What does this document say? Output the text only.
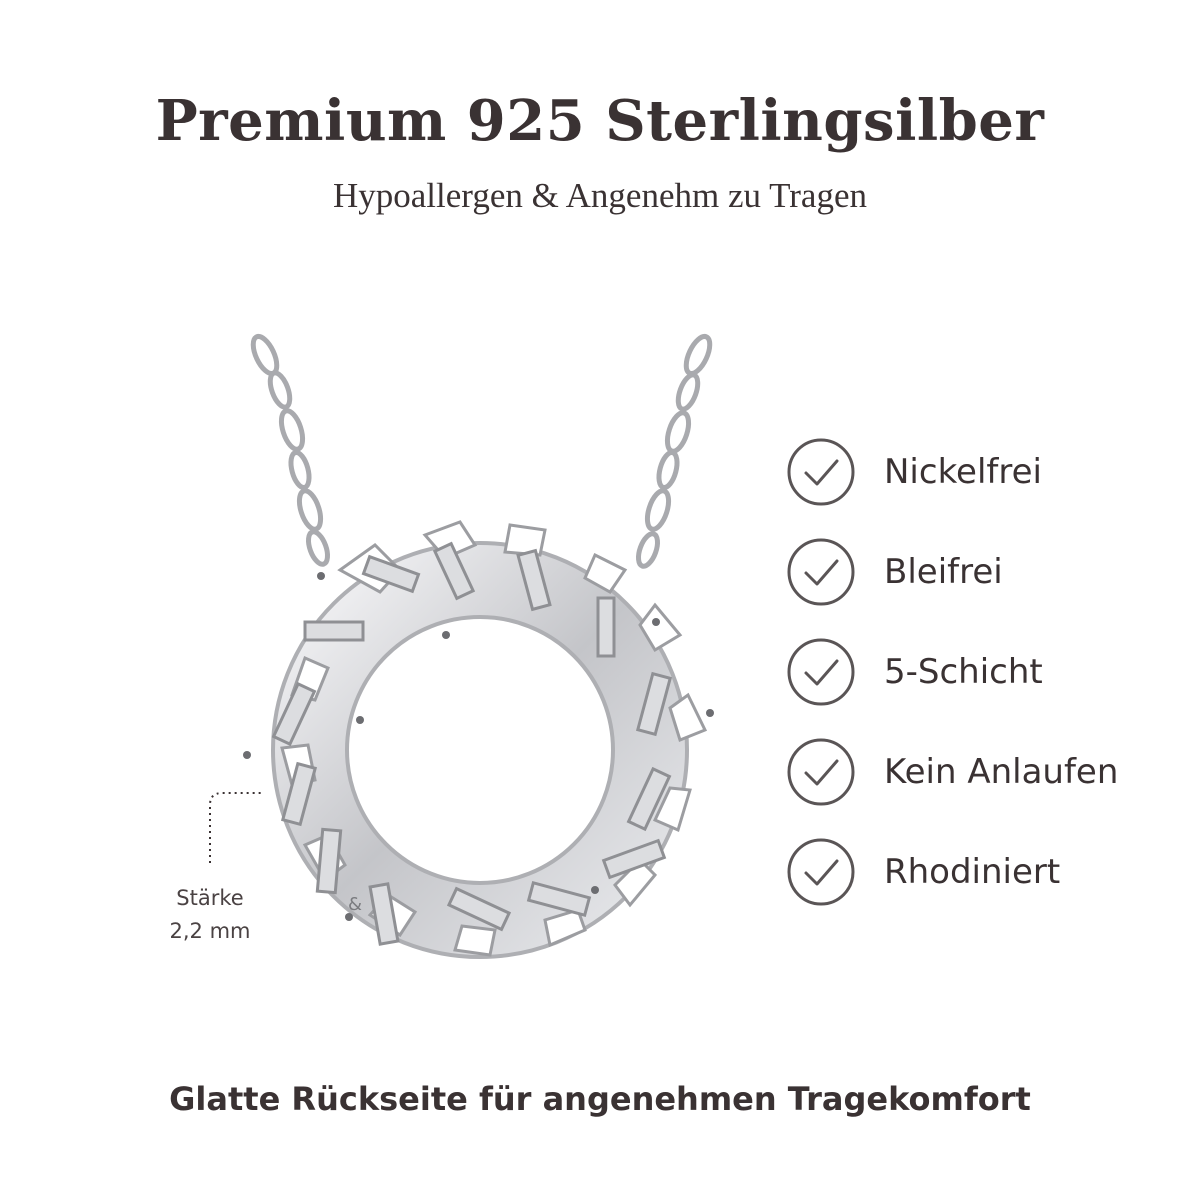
Premium 925 Sterlingsilber
Hypoallergen & Angenehm zu Tragen
&
Stärke
2,2 mm
Nickelfrei
Bleifrei
5-Schicht
Kein Anlaufen
Rhodiniert
Glatte Rückseite für angenehmen Tragekomfort
